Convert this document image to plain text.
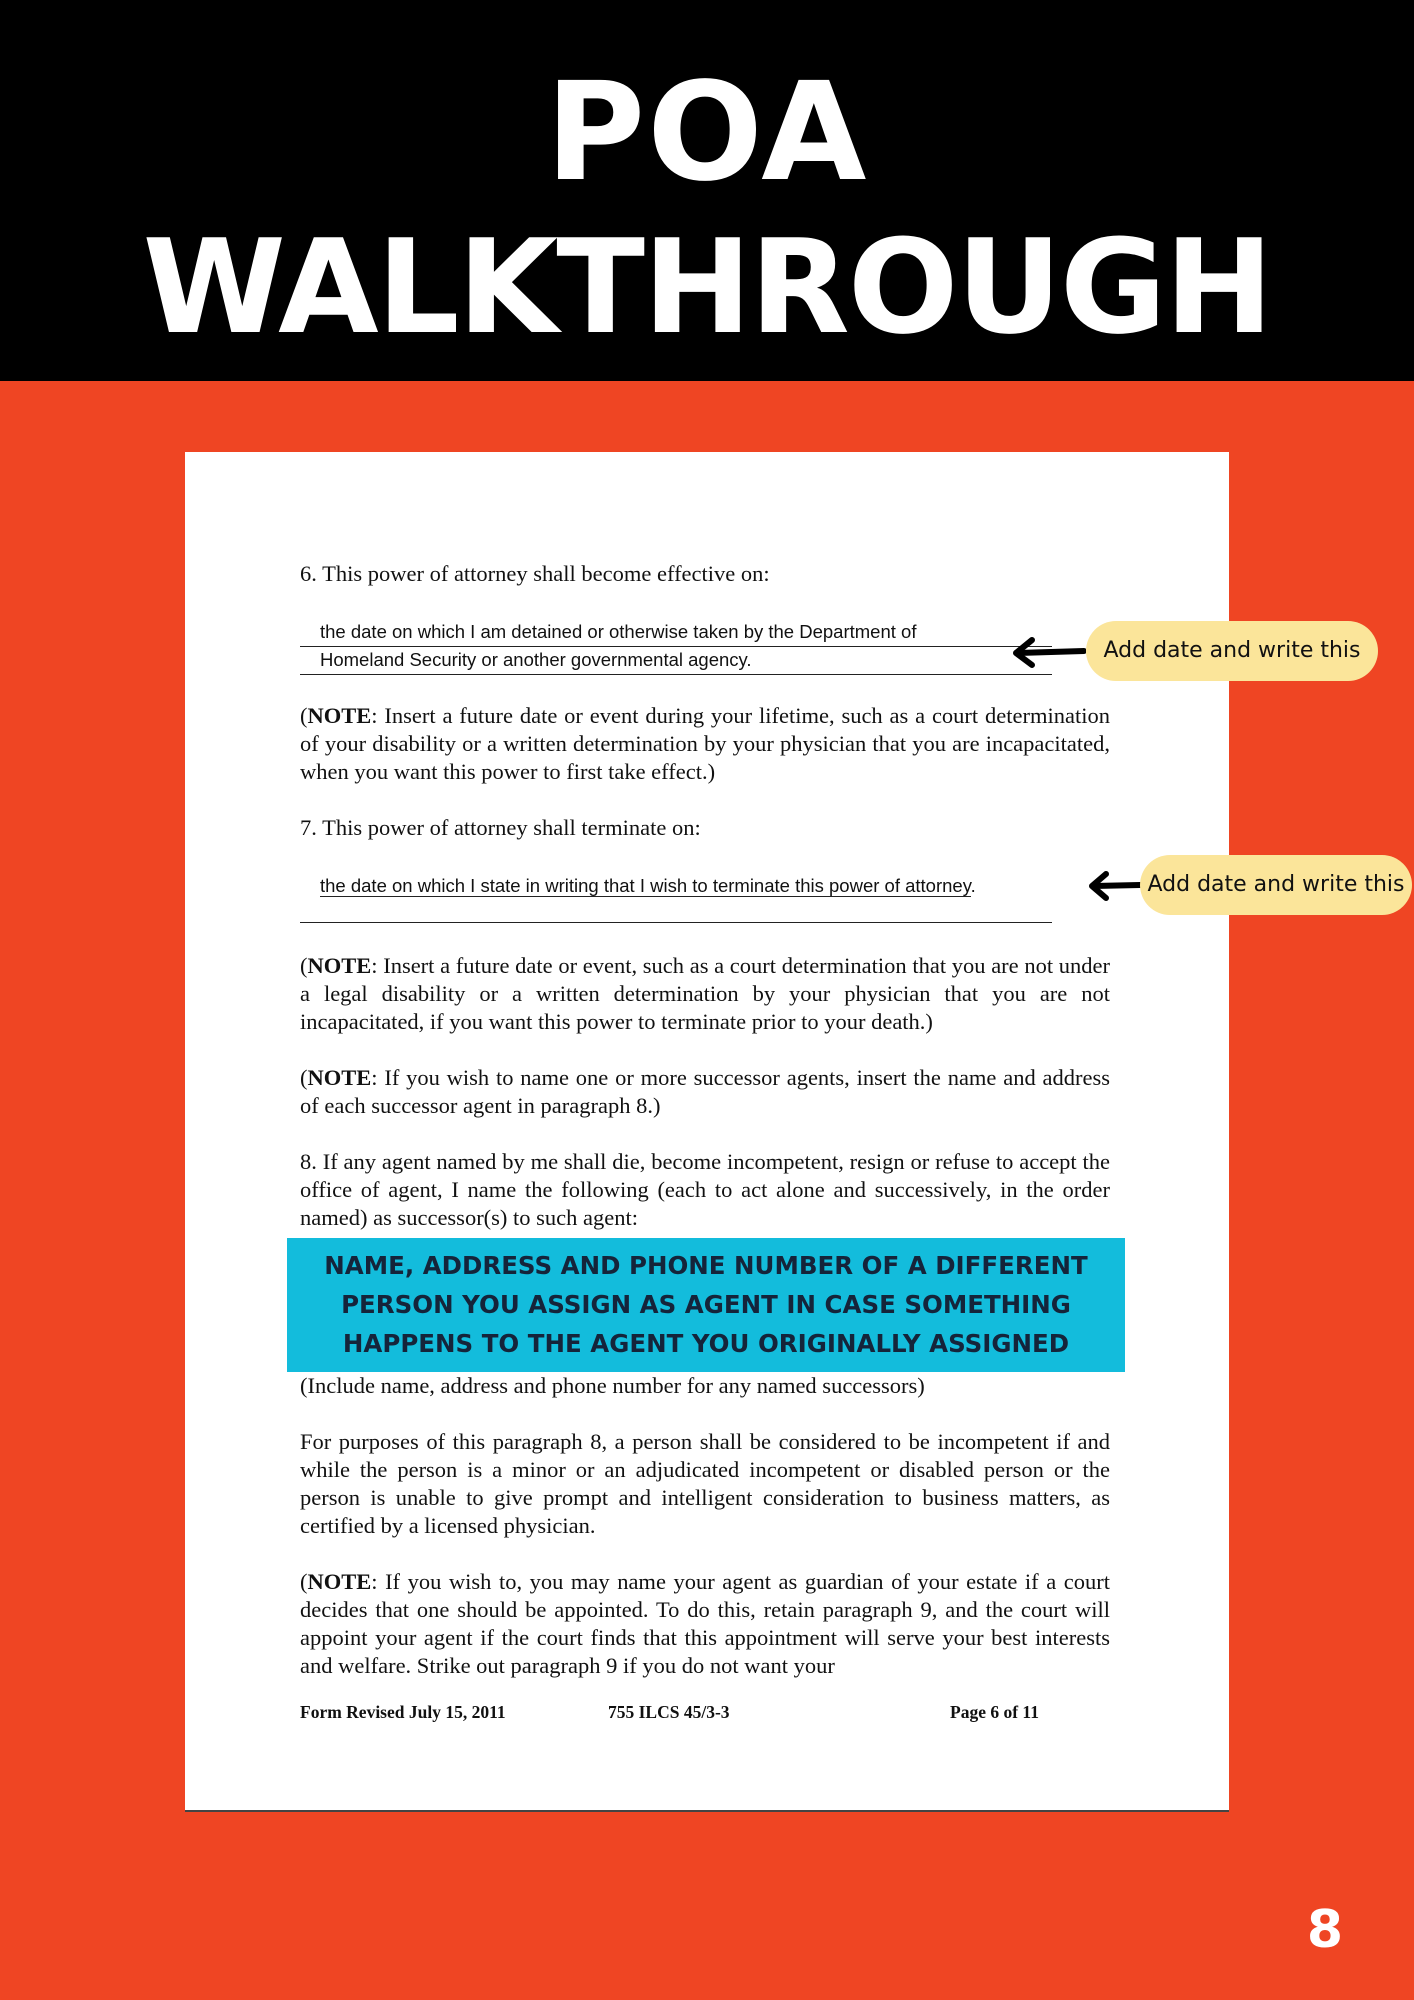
POA
WALKTHROUGH

6. This power of attorney shall become effective on:

the date on which I am detained or otherwise taken by the Department of
Homeland Security or another governmental agency.

(NOTE: Insert a future date or event during your lifetime, such as a court determination of your disability or a written determination by your physician that you are incapacitated, when you want this power to first take effect.)

7. This power of attorney shall terminate on:

the date on which I state in writing that I wish to terminate this power of attorney.

(NOTE: Insert a future date or event, such as a court determination that you are not under a legal disability or a written determination by your physician that you are not incapacitated, if you want this power to terminate prior to your death.)

(NOTE: If you wish to name one or more successor agents, insert the name and address of each successor agent in paragraph 8.)

8. If any agent named by me shall die, become incompetent, resign or refuse to accept the office of agent, I name the following (each to act alone and successively, in the order named) as successor(s) to such agent:

NAME, ADDRESS AND PHONE NUMBER OF A DIFFERENT
PERSON YOU ASSIGN AS AGENT IN CASE SOMETHING
HAPPENS TO THE AGENT YOU ORIGINALLY ASSIGNED

(Include name, address and phone number for any named successors)

For purposes of this paragraph 8, a person shall be considered to be incompetent if and while the person is a minor or an adjudicated incompetent or disabled person or the person is unable to give prompt and intelligent consideration to business matters, as certified by a licensed physician.

(NOTE: If you wish to, you may name your agent as guardian of your estate if a court decides that one should be appointed. To do this, retain paragraph 9, and the court will appoint your agent if the court finds that this appointment will serve your best interests and welfare. Strike out paragraph 9 if you do not want your

Form Revised July 15, 2011	755 ILCS 45/3-3	Page 6 of 11
Add date and write this
Add date and write this
8
